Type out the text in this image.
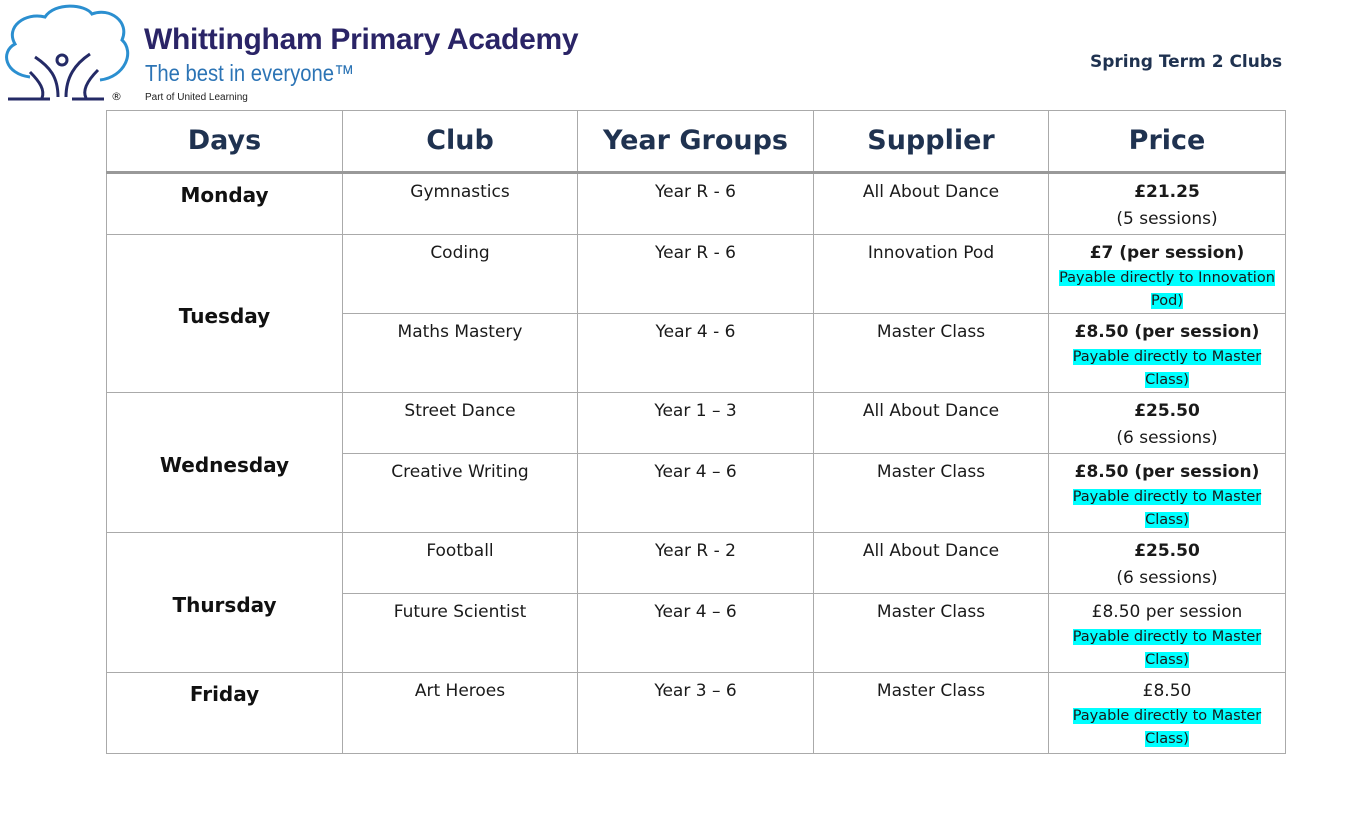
®
Whittingham Primary Academy
The best in everyone™
Part of United Learning
Spring Term 2 Clubs
Days	Club	Year Groups	Supplier	Price
Monday	Gymnastics	Year R - 6	All About Dance	£21.25
(5 sessions)

Tuesday	Coding	Year R - 6	Innovation Pod	£7 (per session)
Payable directly to Innovation Pod)

	Maths Mastery	Year 4 - 6	Master Class	£8.50 (per session)
Payable directly to Master Class)

Wednesday	Street Dance	Year 1 – 3	All About Dance	£25.50
(6 sessions)

	Creative Writing	Year 4 – 6	Master Class	£8.50 (per session)
Payable directly to Master Class)

Thursday	Football	Year R - 2	All About Dance	£25.50
(6 sessions)

	Future Scientist	Year 4 – 6	Master Class	£8.50 per session
Payable directly to Master Class)

Friday	Art Heroes	Year 3 – 6	Master Class	£8.50
Payable directly to Master Class)
